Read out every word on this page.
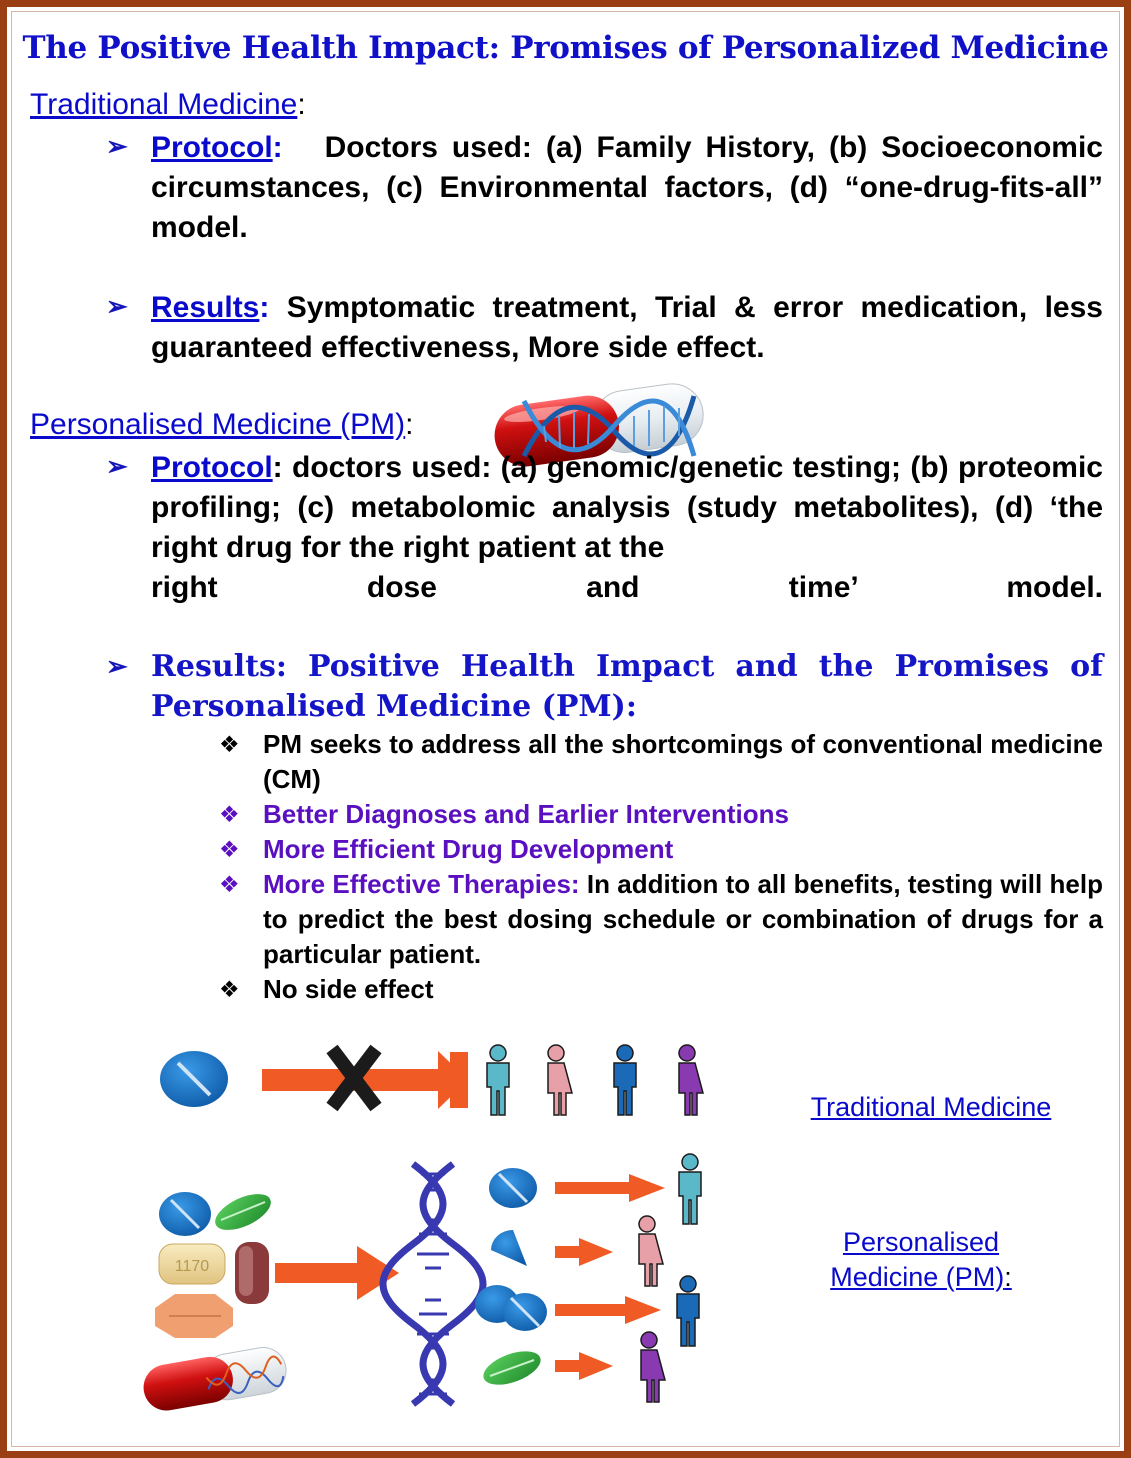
The Positive Health Impact: Promises of Personalized Medicine
Traditional Medicine:
➢ Protocol: Doctors used: (a) Family History, (b) Socioeconomic circumstances, (c) Environmental factors, (d) “one-drug-fits-all” model.
➢ Results: Symptomatic treatment, Trial & error medication, less guaranteed effectiveness, More side effect.
Personalised Medicine (PM):
➢ Protocol: doctors used: (a) genomic/genetic testing; (b) proteomic profiling; (c) metabolomic analysis (study metabolites), (d) ‘the right drug for the right patient at the
right dose and time’ model.
➢ Results: Positive Health Impact and the Promises of Personalised Medicine (PM):
❖ PM seeks to address all the shortcomings of conventional medicine (CM)
❖ Better Diagnoses and Earlier Interventions
❖ More Efficient Drug Development
❖ More Effective Therapies: In addition to all benefits, testing will help to predict the best dosing schedule or combination of drugs for a particular patient.
❖ No side effect
Traditional Medicine
1170
Personalised
Medicine (PM):
